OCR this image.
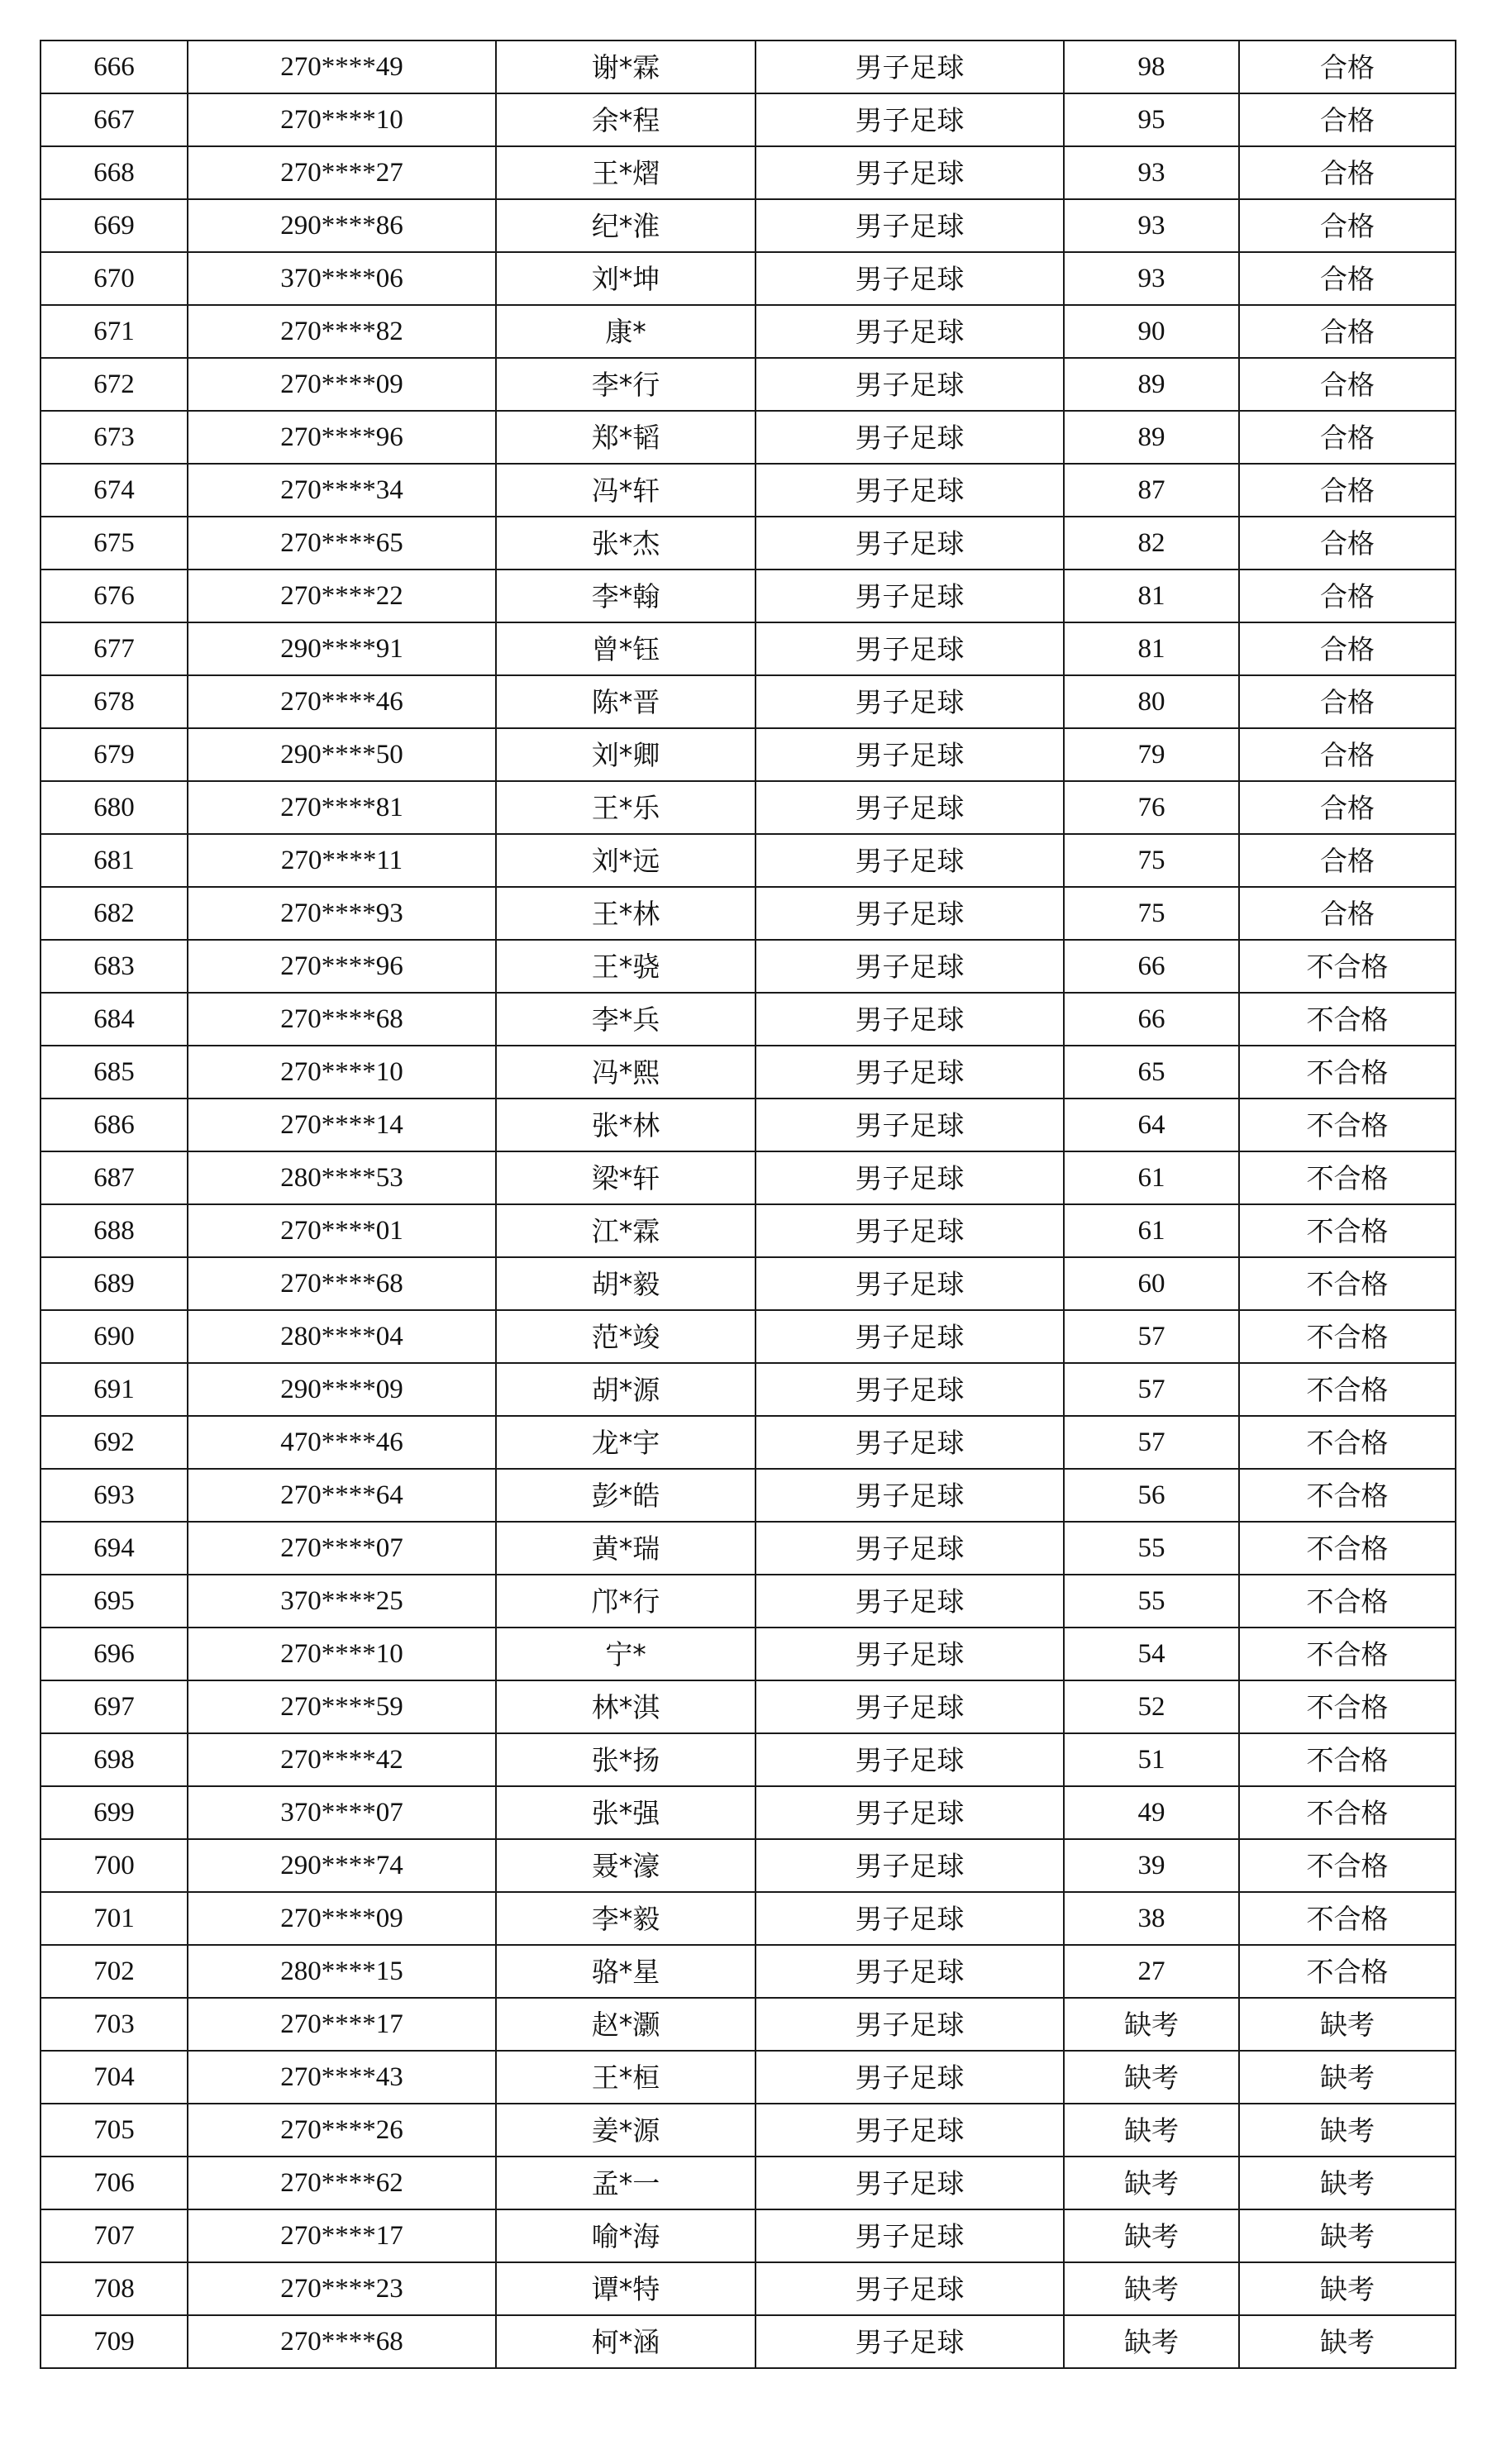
666	270****49	谢*霖	男子足球	98	合格
667	270****10	余*程	男子足球	95	合格
668	270****27	王*熠	男子足球	93	合格
669	290****86	纪*淮	男子足球	93	合格
670	370****06	刘*坤	男子足球	93	合格
671	270****82	康*	男子足球	90	合格
672	270****09	李*行	男子足球	89	合格
673	270****96	郑*韬	男子足球	89	合格
674	270****34	冯*轩	男子足球	87	合格
675	270****65	张*杰	男子足球	82	合格
676	270****22	李*翰	男子足球	81	合格
677	290****91	曾*钰	男子足球	81	合格
678	270****46	陈*晋	男子足球	80	合格
679	290****50	刘*卿	男子足球	79	合格
680	270****81	王*乐	男子足球	76	合格
681	270****11	刘*远	男子足球	75	合格
682	270****93	王*林	男子足球	75	合格
683	270****96	王*骁	男子足球	66	不合格
684	270****68	李*兵	男子足球	66	不合格
685	270****10	冯*熙	男子足球	65	不合格
686	270****14	张*林	男子足球	64	不合格
687	280****53	梁*轩	男子足球	61	不合格
688	270****01	江*霖	男子足球	61	不合格
689	270****68	胡*毅	男子足球	60	不合格
690	280****04	范*竣	男子足球	57	不合格
691	290****09	胡*源	男子足球	57	不合格
692	470****46	龙*宇	男子足球	57	不合格
693	270****64	彭*皓	男子足球	56	不合格
694	270****07	黄*瑞	男子足球	55	不合格
695	370****25	邝*行	男子足球	55	不合格
696	270****10	宁*	男子足球	54	不合格
697	270****59	林*淇	男子足球	52	不合格
698	270****42	张*扬	男子足球	51	不合格
699	370****07	张*强	男子足球	49	不合格
700	290****74	聂*濠	男子足球	39	不合格
701	270****09	李*毅	男子足球	38	不合格
702	280****15	骆*星	男子足球	27	不合格
703	270****17	赵*灏	男子足球	缺考	缺考
704	270****43	王*桓	男子足球	缺考	缺考
705	270****26	姜*源	男子足球	缺考	缺考
706	270****62	孟*一	男子足球	缺考	缺考
707	270****17	喻*海	男子足球	缺考	缺考
708	270****23	谭*特	男子足球	缺考	缺考
709	270****68	柯*涵	男子足球	缺考	缺考
